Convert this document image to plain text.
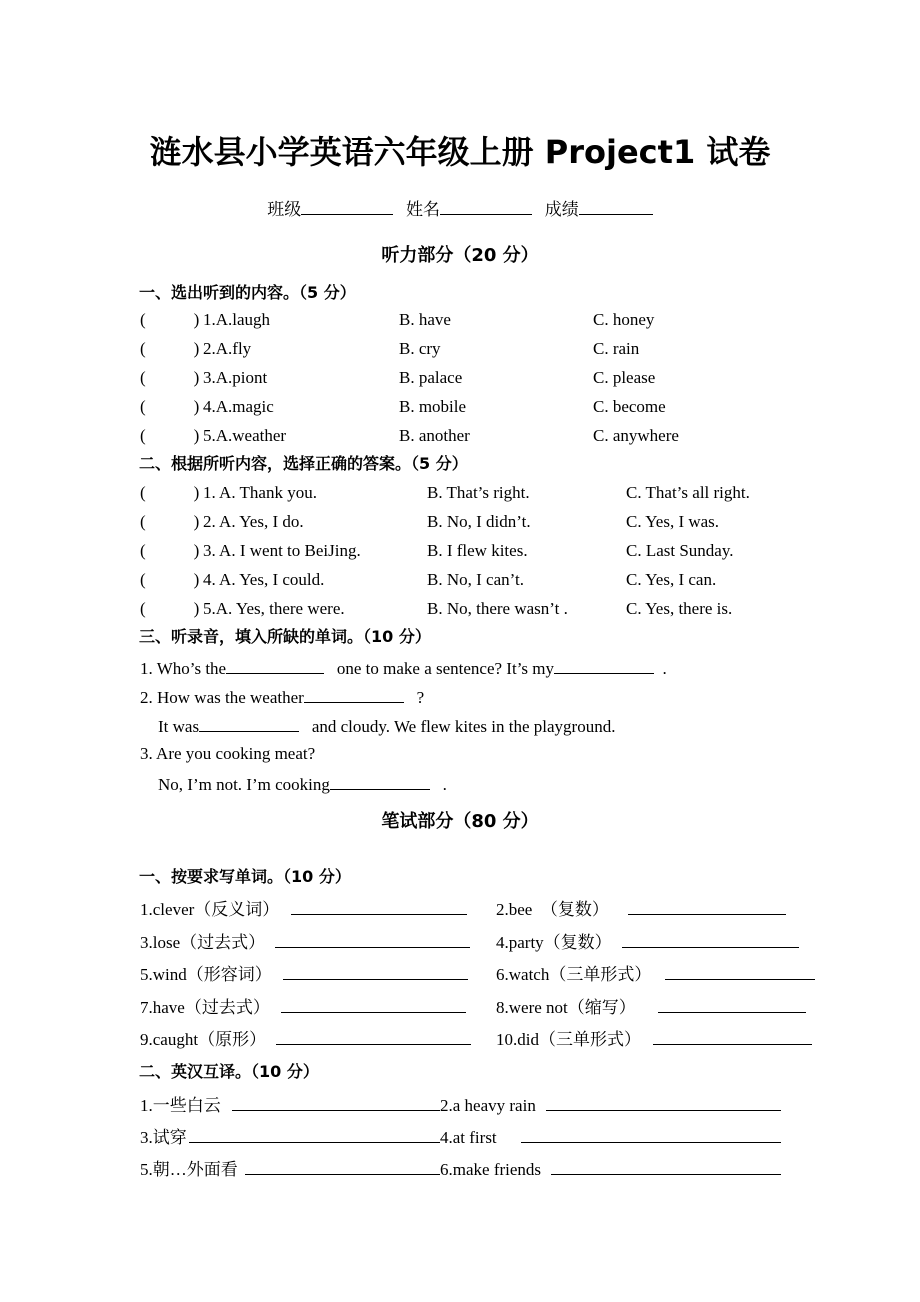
涟水县小学英语六年级上册 Project1 试卷
班级	姓名	成绩
听力部分（20 分）
一、选出听到的内容。（5 分）
二、根据所听内容，选择正确的答案。（5 分）
三、听录音，填入所缺的单词。（10 分）
1. Who’s the	one to make a sentence? It’s my	.
2. How was the weather	?
It was	and cloudy. We flew kites in the playground.
3. Are you cooking meat?
No, I’m not. I’m cooking	.
笔试部分（80 分）
一、按要求写单词。（10 分）
二、英汉互译。（10 分）
(	) 1.A.laugh	B. have	C. honey
(	) 2.A.fly	B. cry	C. rain
(	) 3.A.piont	B. palace	C. please
(	) 4.A.magic	B. mobile	C. become
(	) 5.A.weather	B. another	C. anywhere
(	) 1. A. Thank you.	B. That’s right.	C. That’s all right.
(	) 2. A. Yes, I do.	B. No, I didn’t.	C. Yes, I was.
(	) 3. A. I went to BeiJing.	B. I flew kites.	C. Last Sunday.
(	) 4. A. Yes, I could.	B. No, I can’t.	C. Yes, I can.
(	) 5.A. Yes, there were.	B. No, there wasn’t .	C. Yes, there is.
1.clever（反义词）	2.bee　（复数）
3.lose（过去式）	4.party（复数）
5.wind（形容词）	6.watch（三单形式）
7.have（过去式）	8.were not（缩写）
9.caught（原形）	10.did（三单形式）
1.一些白云	2.a heavy rain
3.试穿	4.at first
5.朝…外面看	6.make friends
